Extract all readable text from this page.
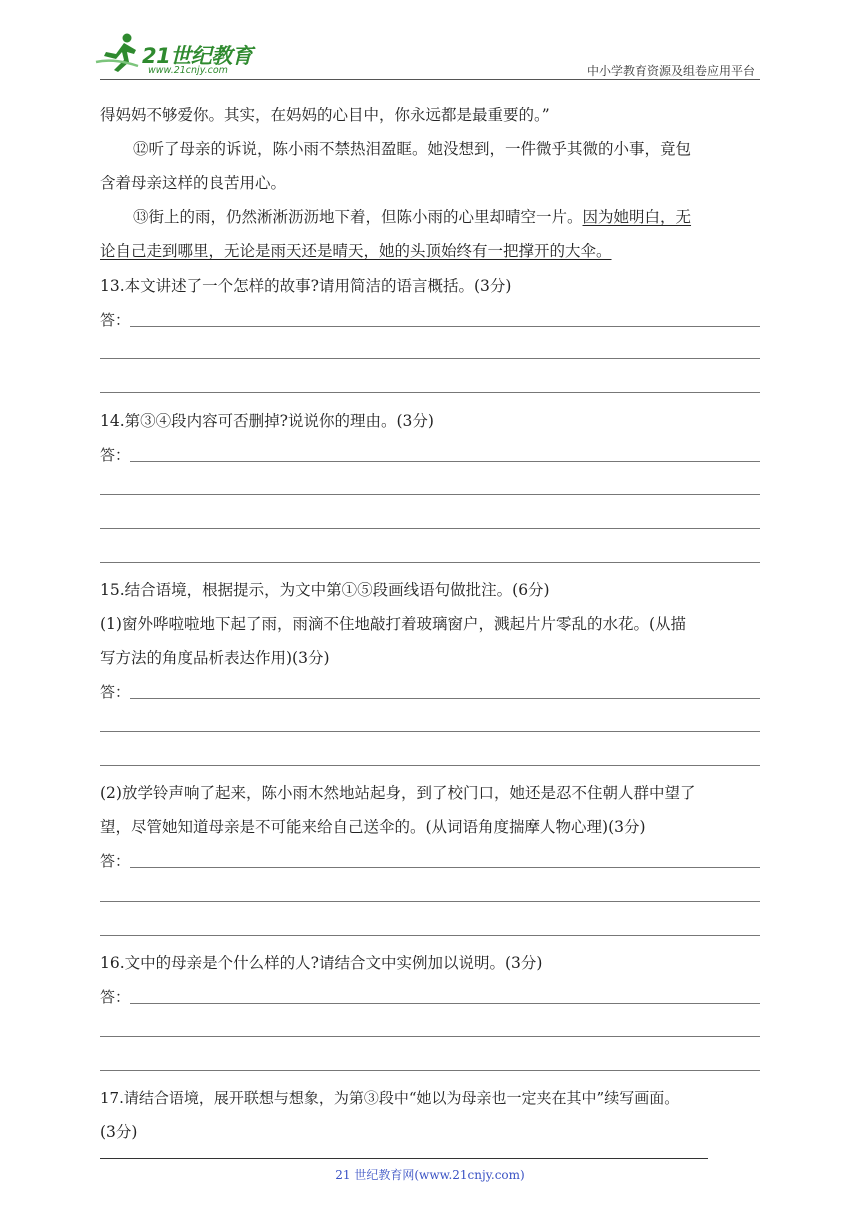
21世纪教育
www.21cnjy.com	中小学教育资源及组卷应用平台
得妈妈不够爱你。其实，在妈妈的心目中，你永远都是最重要的。”
⑫听了母亲的诉说，陈小雨不禁热泪盈眶。她没想到，一件微乎其微的小事，竟包
含着母亲这样的良苦用心。
⑬街上的雨，仍然淅淅沥沥地下着，但陈小雨的心里却晴空一片。因为她明白，无
论自己走到哪里，无论是雨天还是晴天，她的头顶始终有一把撑开的大伞。
13.本文讲述了一个怎样的故事?请用简洁的语言概括。(3分)
答：
14.第③④段内容可否删掉?说说你的理由。(3分)
答：
15.结合语境，根据提示，为文中第①⑤段画线语句做批注。(6分)
(1)窗外哗啦啦地下起了雨，雨滴不住地敲打着玻璃窗户，溅起片片零乱的水花。(从描
写方法的角度品析表达作用)(3分)
答：
(2)放学铃声响了起来，陈小雨木然地站起身，到了校门口，她还是忍不住朝人群中望了
望，尽管她知道母亲是不可能来给自己送伞的。(从词语角度揣摩人物心理)(3分)
答：
16.文中的母亲是个什么样的人?请结合文中实例加以说明。(3分)
答：
17.请结合语境，展开联想与想象，为第③段中“她以为母亲也一定夹在其中”续写画面。
(3分)
21 世纪教育网(www.21cnjy.com)
